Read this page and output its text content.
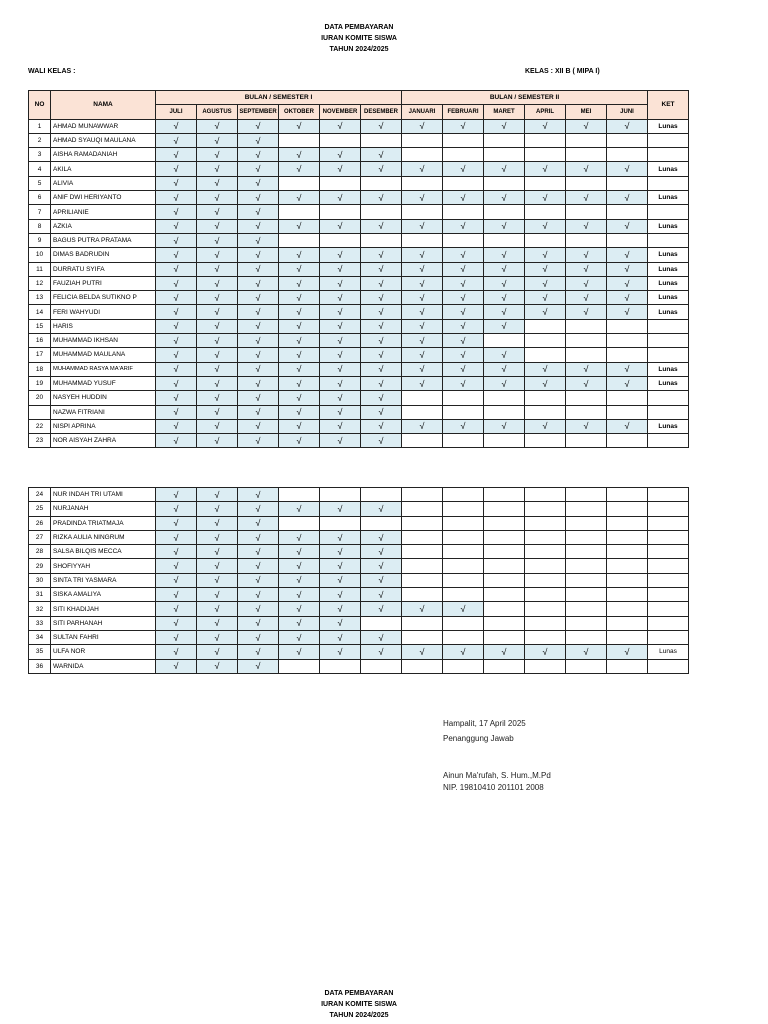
DATA PEMBAYARAN
IURAN KOMITE SISWA
TAHUN 2024/2025
WALI KELAS :	KELAS : XII B ( MIPA I)
NO	NAMA	BULAN / SEMESTER I						BULAN / SEMESTER II						KET
		JULI	AGUSTUS	SEPTEMBER	OKTOBER	NOVEMBER	DESEMBER	JANUARI	FEBRUARI	MARET	APRIL	MEI	JUNI	
1	AHMAD MUNAWWAR	√	√	√	√	√	√	√	√	√	√	√	√	Lunas
2	AHMAD SYAUQI MAULANA	√	√	√										
3	AISHA RAMADANIAH	√	√	√	√	√	√							
4	AKILA	√	√	√	√	√	√	√	√	√	√	√	√	Lunas
5	ALIVIA	√	√	√										
6	ANIF DWI HERIYANTO	√	√	√	√	√	√	√	√	√	√	√	√	Lunas
7	APRILIANIE	√	√	√										
8	AZKIA	√	√	√	√	√	√	√	√	√	√	√	√	Lunas
9	BAGUS PUTRA PRATAMA	√	√	√										
10	DIMAS BADRUDIN	√	√	√	√	√	√	√	√	√	√	√	√	Lunas
11	DURRATU SYIFA	√	√	√	√	√	√	√	√	√	√	√	√	Lunas
12	FAUZIAH PUTRI	√	√	√	√	√	√	√	√	√	√	√	√	Lunas
13	FELICIA BELDA SUTIKNO P	√	√	√	√	√	√	√	√	√	√	√	√	Lunas
14	FERI WAHYUDI	√	√	√	√	√	√	√	√	√	√	√	√	Lunas
15	HARIS	√	√	√	√	√	√	√	√	√				
16	MUHAMMAD IKHSAN	√	√	√	√	√	√	√	√					
17	MUHAMMAD MAULANA	√	√	√	√	√	√	√	√	√				
18	MUHAMMAD RASYA MA'ARIF	√	√	√	√	√	√	√	√	√	√	√	√	Lunas
19	MUHAMMAD YUSUF	√	√	√	√	√	√	√	√	√	√	√	√	Lunas
20	NASYEH HUDDIN	√	√	√	√	√	√							
	NAZWA FITRIANI	√	√	√	√	√	√							
22	NISPI APRINA	√	√	√	√	√	√	√	√	√	√	√	√	Lunas
23	NOR AISYAH ZAHRA	√	√	√	√	√	√							
24	NUR INDAH TRI UTAMI	√	√	√										
25	NURJANAH	√	√	√	√	√	√							
26	PRADINDA TRIATMAJA	√	√	√										
27	RIZKA AULIA NINGRUM	√	√	√	√	√	√							
28	SALSA BILQIS MECCA	√	√	√	√	√	√							
29	SHOFIYYAH	√	√	√	√	√	√							
30	SINTA TRI YASMARA	√	√	√	√	√	√							
31	SISKA AMALIYA	√	√	√	√	√	√							
32	SITI KHADIJAH	√	√	√	√	√	√	√	√					
33	SITI PARHANAH	√	√	√	√	√								
34	SULTAN FAHRI	√	√	√	√	√	√							
35	ULFA NOR	√	√	√	√	√	√	√	√	√	√	√	√	Lunas
36	WARNIDA	√	√	√										
Hampalit, 17 April 2025
Penanggung Jawab
Ainun Ma'rufah, S. Hum.,M.Pd
NIP. 19810410 201101 2008
DATA PEMBAYARAN
IURAN KOMITE SISWA
TAHUN 2024/2025
